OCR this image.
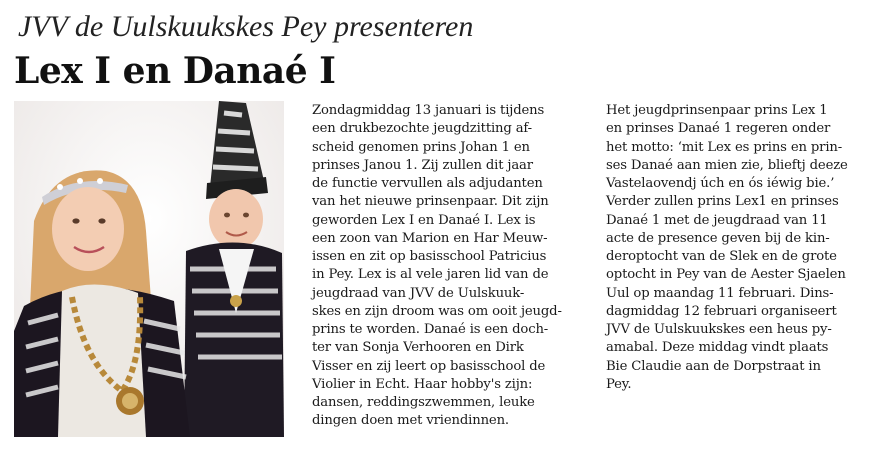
JVV de Uulskuukskes Pey presenteren
Lex I en Danaé I
Zondagmiddag 13 januari is tijdens
een drukbezochte jeugdzitting af-
scheid genomen prins Johan 1 en
prinses Janou 1. Zij zullen dit jaar
de functie vervullen als adjudanten
van het nieuwe prinsenpaar. Dit zijn
geworden Lex I en Danaé I. Lex is
een zoon van Marion en Har Meuw-
issen en zit op basisschool Patricius
in Pey. Lex is al vele jaren lid van de
jeugdraad van JVV de Uulskuuk-
skes en zijn droom was om ooit jeugd-
prins te worden. Danaé is een doch-
ter van Sonja Verhooren en Dirk
Visser en zij leert op basisschool de
Violier in Echt. Haar hobby's zijn:
dansen, reddingszwemmen, leuke
dingen doen met vriendinnen.
Het jeugdprinsenpaar prins Lex 1
en prinses Danaé 1 regeren onder
het motto: ‘mit Lex es prins en prin-
ses Danaé aan mien zie, blieftj deeze
Vastelaovendj úch en ós iéwig bie.’
Verder zullen prins Lex1 en prinses
Danaé 1 met de jeugdraad van 11
acte de presence geven bij de kin-
deroptocht van de Slek en de grote
optocht in Pey van de Aester Sjaelen
Uul op maandag 11 februari. Dins-
dagmiddag 12 februari organiseert
JVV de Uulskuukskes een heus py-
amabal. Deze middag vindt plaats
Bie Claudie aan de Dorpstraat in
Pey.
